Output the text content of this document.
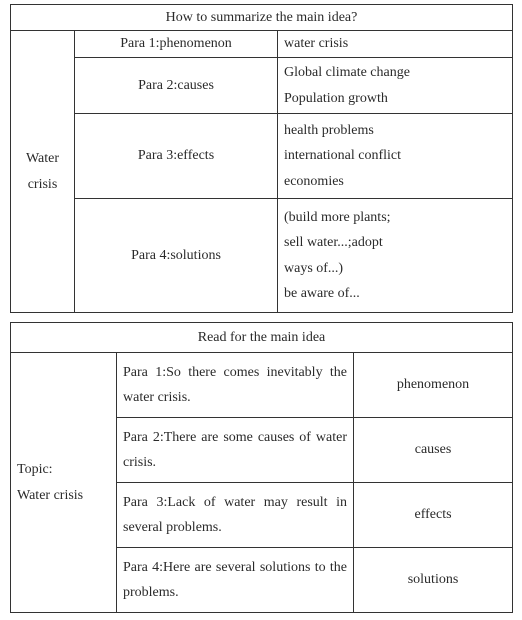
How to summarize the main idea?		

Water
crisis	Para 1:phenomenon	water crisis

	Para 2:causes	Global climate change
Population growth

	Para 3:effects	health problems
international conflict
economies

	Para 4:solutions	(build more plants;
sell water...;adopt
ways of...)
be aware of...
Read for the main idea		

Topic:
Water crisis	Para 1:So there comes inevitably the water crisis.	phenomenon
	Para 2:There are some causes of water crisis.	causes
	Para 3:Lack of water may result in several problems.	effects
	Para 4:Here are several solutions to the problems.	solutions
